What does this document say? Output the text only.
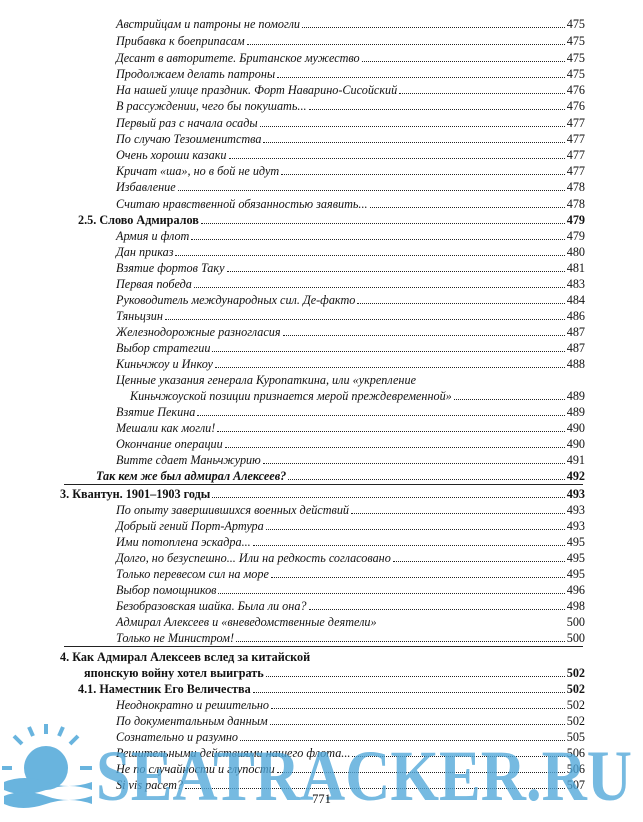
Австрийцам и патроны не помогли	475
Прибавка к боеприпасам	475
Десант в авторитете. Британское мужество	475
Продолжаем делать патроны	475
На нашей улице праздник. Форт Наварино-Сисойский	476
В рассуждении, чего бы покушать...	476
Первый раз с начала осады	477
По случаю Тезоименитства	477
Очень хороши казаки	477
Кричат «ша», но в бой не идут	477
Избавление	478
Считаю нравственной обязанностью заявить...	478
2.5. Слово Адмиралов	479
Армия и флот	479
Дан приказ	480
Взятие фортов Таку	481
Первая победа	483
Руководитель международных сил. Де-факто	484
Тяньцзин	486
Железнодорожные разногласия	487
Выбор стратегии	487
Киньчжоу и Инкоу	488
Ценные указания генерала Куропаткина, или «укрепление
Киньчжоуской позиции признается мерой преждевременной»	489
Взятие Пекина	489
Мешали как могли!	490
Окончание операции	490
Витте сдает Маньчжурию	491
Так кем же был адмирал Алексеев?	492
3. Квантун. 1901–1903 годы	493
По опыту завершившихся военных действий	493
Добрый гений Порт-Артура	493
Ими потоплена эскадра...	495
Долго, но безуспешно... Или на редкость согласовано	495
Только перевесом сил на море	495
Выбор помощников	496
Безобразовская шайка. Была ли она?	498
Адмирал Алексеев и «вневедомственные деятели»	500
Только не Министром!	500
4. Как Адмирал Алексеев вслед за китайской
японскую войну хотел выиграть	502
4.1. Наместник Его Величества	502
Неоднократно и решительно	502
По документальным данным	502
Сознательно и разумно	505
Решительными действиями нашего флота...	506
Не по случайности и глупости	506
Si vis pacem?	507
SEATRACKER.RU
771
